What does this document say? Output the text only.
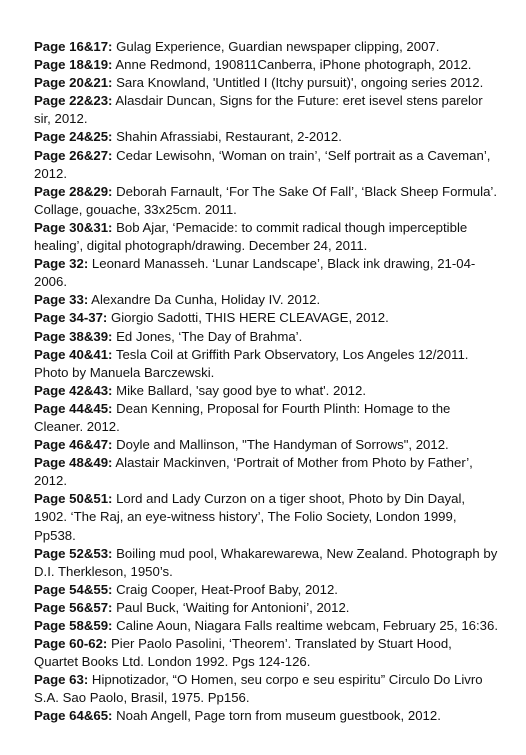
Page 16&17: Gulag Experience, Guardian newspaper clipping, 2007.

Page 18&19: Anne Redmond, 190811Canberra, iPhone photograph, 2012.

Page 20&21: Sara Knowland, 'Untitled I (Itchy pursuit)', ongoing series 2012.

Page 22&23: Alasdair Duncan, Signs for the Future: eret isevel stens parelor sir, 2012.

Page 24&25: Shahin Afrassiabi, Restaurant, 2-2012.

Page 26&27: Cedar Lewisohn, ‘Woman on train’, ‘Self portrait as a Caveman’, 2012.

Page 28&29: Deborah Farnault, ‘For The Sake Of Fall’, ‘Black Sheep Formula’. Collage, gouache, 33x25cm. 2011.

Page 30&31: Bob Ajar, ‘Pemacide: to commit radical though imperceptible healing’, digital photograph/drawing. December 24, 2011.

Page 32: Leonard Manasseh. ‘Lunar Landscape’, Black ink drawing, 21-04-2006.

Page 33: Alexandre Da Cunha, Holiday IV. 2012.

Page 34-37: Giorgio Sadotti, THIS HERE CLEAVAGE, 2012.

Page 38&39: Ed Jones, ‘The Day of Brahma’.

Page 40&41: Tesla Coil at Griffith Park Observatory, Los Angeles 12/2011. Photo by Manuela Barczewski.

Page 42&43: Mike Ballard, 'say good bye to what'. 2012.

Page 44&45: Dean Kenning, Proposal for Fourth Plinth: Homage to the Cleaner. 2012.

Page 46&47: Doyle and Mallinson, "The Handyman of Sorrows", 2012.

Page 48&49: Alastair Mackinven, ‘Portrait of Mother from Photo by Father’, 2012.

Page 50&51: Lord and Lady Curzon on a tiger shoot, Photo by Din Dayal, 1902. ‘The Raj, an eye-witness history’, The Folio Society, London 1999, Pp538.

Page 52&53: Boiling mud pool, Whakarewarewa, New Zealand. Photograph by D.I. Therkleson, 1950’s.

Page 54&55: Craig Cooper, Heat-Proof Baby, 2012.

Page 56&57: Paul Buck, ‘Waiting for Antonioni’, 2012.

Page 58&59: Caline Aoun, Niagara Falls realtime webcam, February 25, 16:36.

Page 60-62: Pier Paolo Pasolini, ‘Theorem’. Translated by Stuart Hood, Quartet Books Ltd. London 1992. Pgs 124-126.

Page 63: Hipnotizador, “O Homen, seu corpo e seu espiritu” Circulo Do Livro S.A. Sao Paolo, Brasil, 1975. Pp156.

Page 64&65: Noah Angell, Page torn from museum guestbook, 2012.
